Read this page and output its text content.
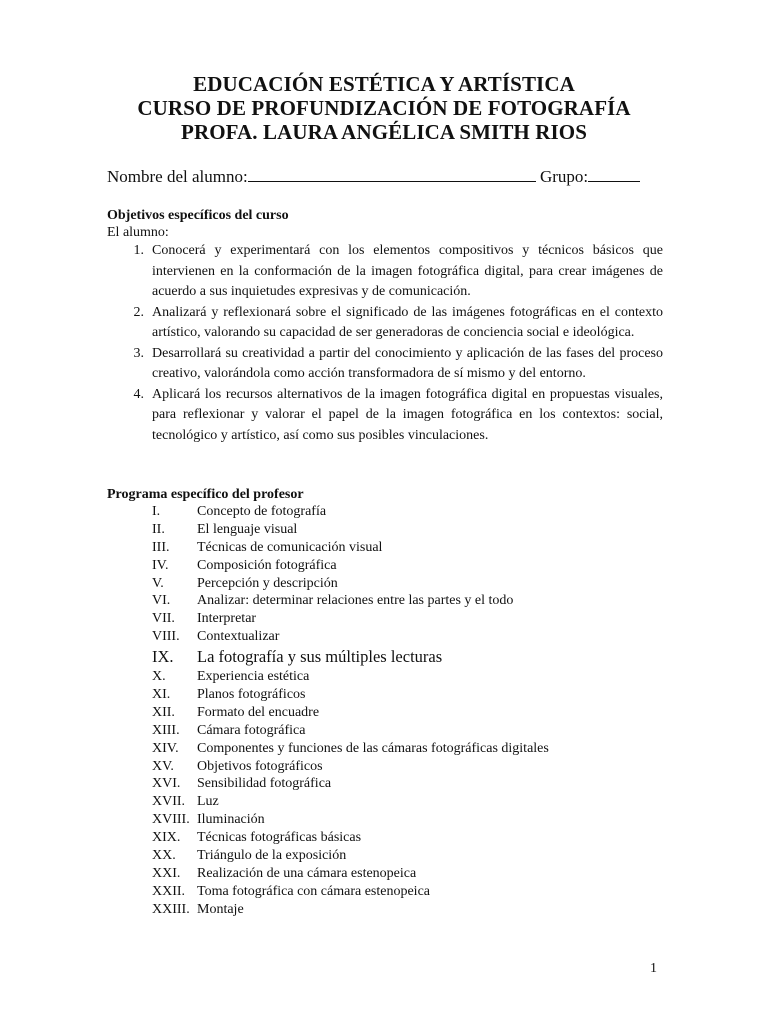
EDUCACIÓN ESTÉTICA Y ARTÍSTICA
CURSO DE PROFUNDIZACIÓN DE FOTOGRAFÍA
PROFA. LAURA ANGÉLICA SMITH RIOS
Nombre del alumno:	Grupo:
Objetivos específicos del curso
El alumno:
1. Conocerá y experimentará con los elementos compositivos y técnicos básicos que intervienen en la conformación de la imagen fotográfica digital, para crear imágenes de acuerdo a sus inquietudes expresivas y de comunicación.
2. Analizará y reflexionará sobre el significado de las imágenes fotográficas en el contexto artístico, valorando su capacidad de ser generadoras de conciencia social e ideológica.
3. Desarrollará su creatividad a partir del conocimiento y aplicación de las fases del proceso creativo, valorándola como acción transformadora de sí mismo y del entorno.
4. Aplicará los recursos alternativos de la imagen fotográfica digital en propuestas visuales, para reflexionar y valorar el papel de la imagen fotográfica en los contextos: social, tecnológico y artístico, así como sus posibles vinculaciones.
Programa específico del profesor
I.	Concepto de fotografía
II.	El lenguaje visual
III.	Técnicas de comunicación visual
IV.	Composición fotográfica
V.	Percepción y descripción
VI.	Analizar: determinar relaciones entre las partes y el todo
VII.	Interpretar
VIII.	Contextualizar
IX.	La fotografía y sus múltiples lecturas
X.	Experiencia estética
XI.	Planos fotográficos
XII.	Formato del encuadre
XIII.	Cámara fotográfica
XIV.	Componentes y funciones de las cámaras fotográficas digitales
XV.	Objetivos fotográficos
XVI.	Sensibilidad fotográfica
XVII. Luz
XVIII. Iluminación
XIX.	Técnicas fotográficas básicas
XX.	Triángulo de la exposición
XXI.	Realización de una cámara estenopeica
XXII. Toma fotográfica con cámara estenopeica
XXIII. Montaje
1
